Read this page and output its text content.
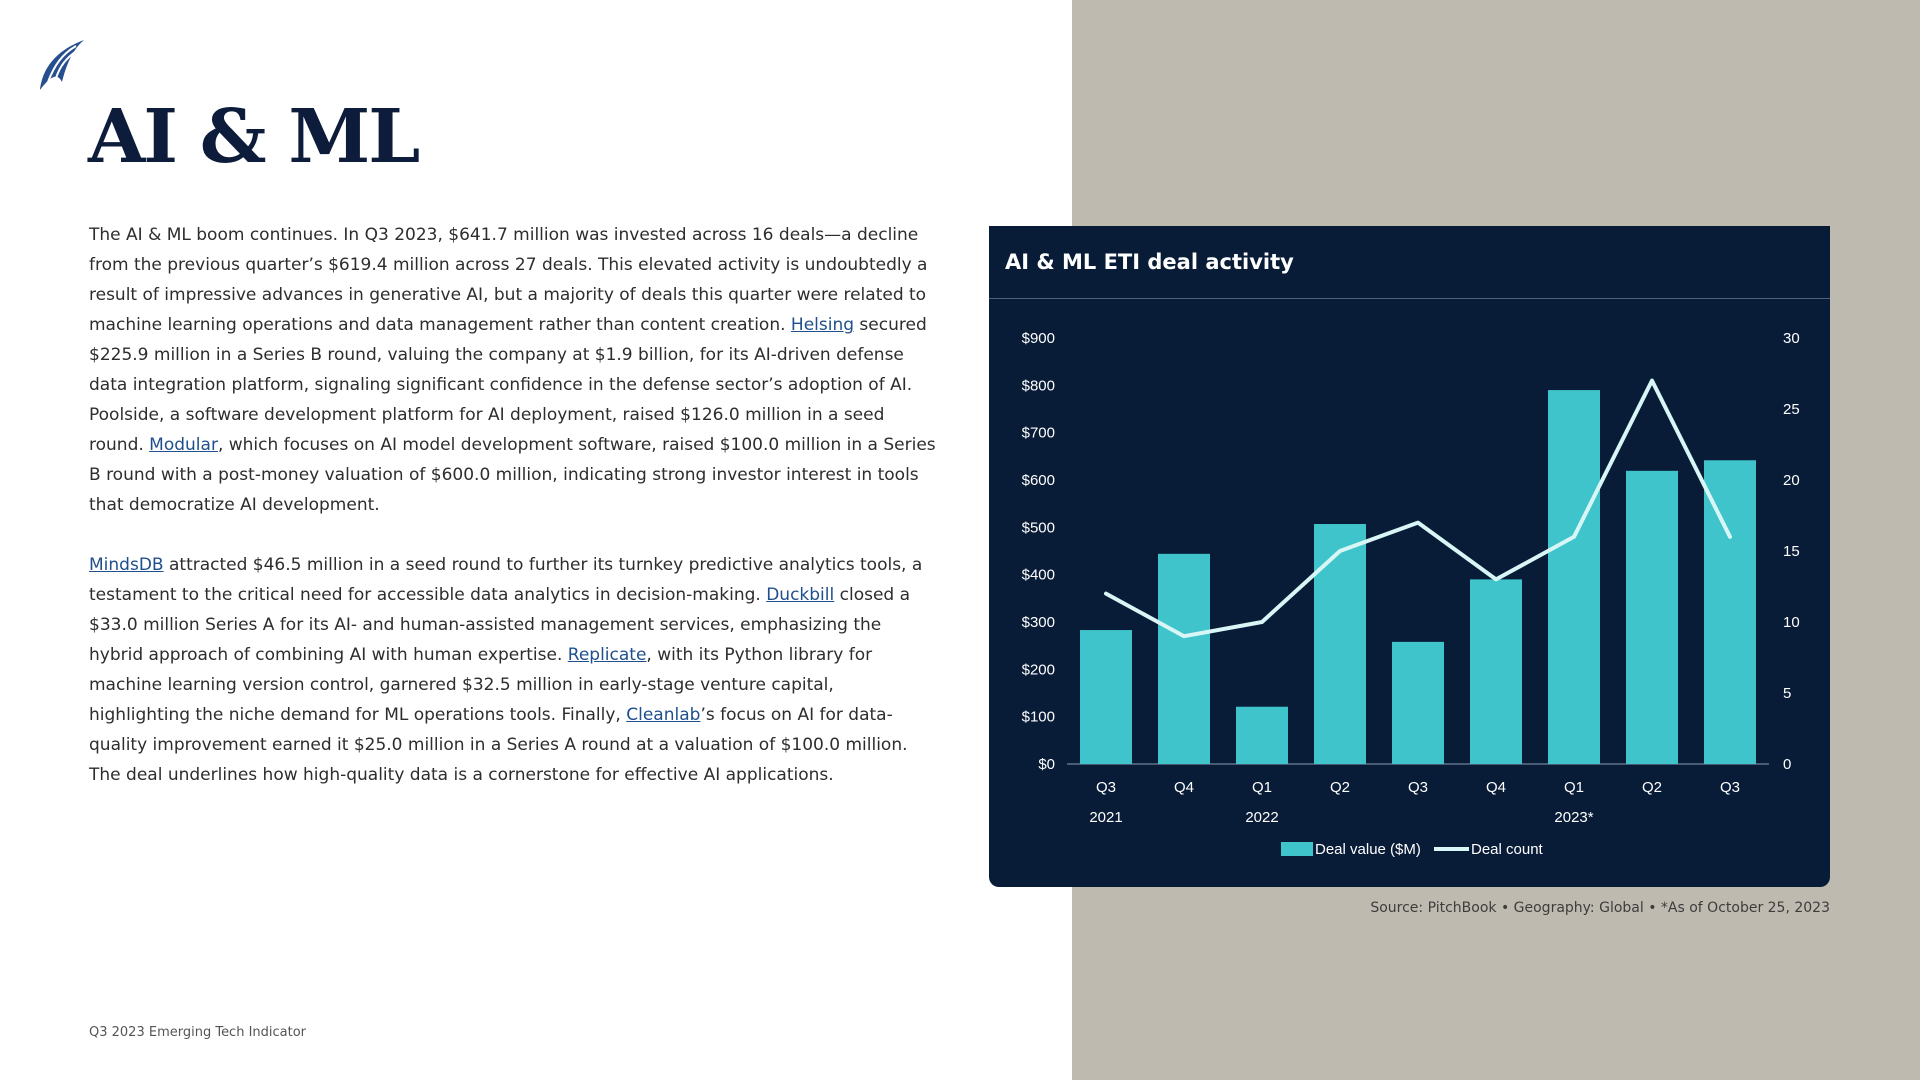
AI & ML

The AI & ML boom continues. In Q3 2023, $641.7 million was invested across 16 deals—a decline from the previous quarter’s $619.4 million across 27 deals. This elevated activity is undoubtedly a result of impressive advances in generative AI, but a majority of deals this quarter were related to machine learning operations and data management rather than content creation. Helsing secured $225.9 million in a Series B round, valuing the company at $1.9 billion, for its AI-driven defense data integration platform, signaling significant confidence in the defense sector’s adoption of AI. Poolside, a software development platform for AI deployment, raised $126.0 million in a seed round. Modular, which focuses on AI model development software, raised $100.0 million in a Series B round with a post-money valuation of $600.0 million, indicating strong investor interest in tools that democratize AI development.

MindsDB attracted $46.5 million in a seed round to further its turnkey predictive analytics tools, a testament to the critical need for accessible data analytics in decision-making. Duckbill closed a $33.0 million Series A for its AI- and human-assisted management services, emphasizing the hybrid approach of combining AI with human expertise. Replicate, with its Python library for machine learning version control, garnered $32.5 million in early-stage venture capital, highlighting the niche demand for ML operations tools. Finally, Cleanlab’s focus on AI for data-quality improvement earned it $25.0 million in a Series A round at a valuation of $100.0 million. The deal underlines how high-quality data is a cornerstone for effective AI applications.

Q3 2023 Emerging Tech Indicator
AI & ML ETI deal activity
$0
$100
$200
$300
$400
$500
$600
$700
$800
$900
0
5
10
15
20
25
30
Q3	Q4	Q1	Q2	Q3	Q4	Q1	Q2	Q3
2021	2022	2023*
Deal value ($M)	Deal count
Source: PitchBook • Geography: Global • *As of October 25, 2023
